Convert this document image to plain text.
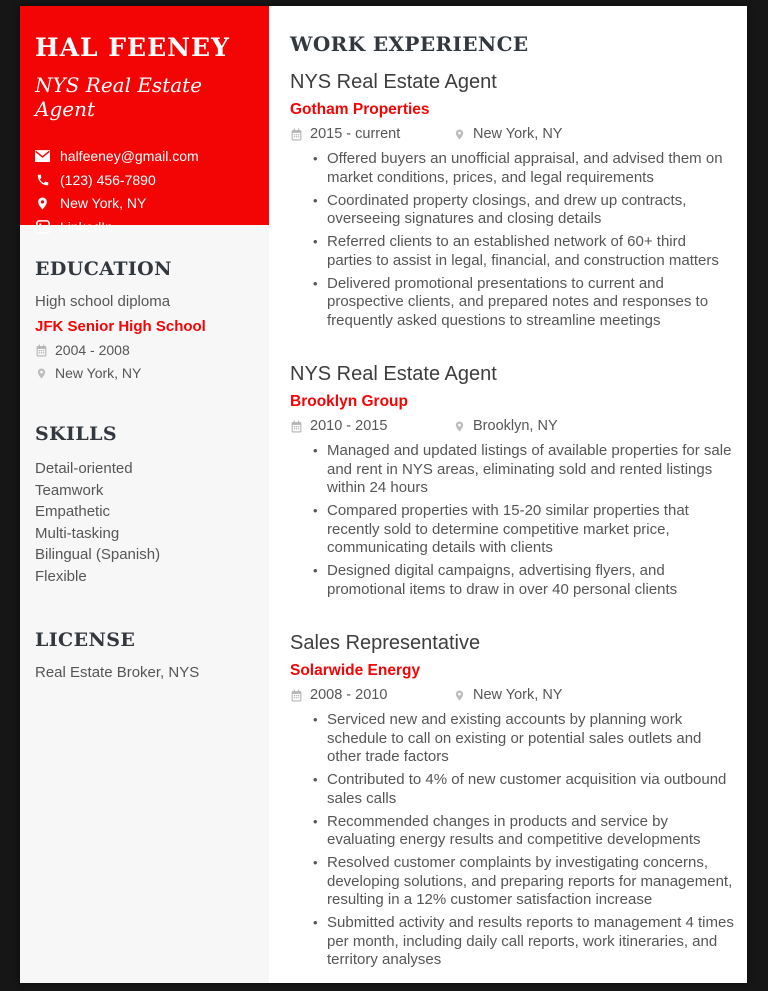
HAL FEENEY
NYS Real Estate Agent
halfeeney@gmail.com
(123) 456-7890
New York, NY
LinkedIn
EDUCATION
High school diploma
JFK Senior High School
2004 - 2008
New York, NY
SKILLS
Detail-oriented
Teamwork
Empathetic
Multi-tasking
Bilingual (Spanish)
Flexible
LICENSE
Real Estate Broker, NYS
WORK EXPERIENCE
NYS Real Estate Agent
Gotham Properties
2015 - current	New York, NY
• Offered buyers an unofficial appraisal, and advised them on market conditions, prices, and legal requirements
• Coordinated property closings, and drew up contracts, overseeing signatures and closing details
• Referred clients to an established network of 60+ third parties to assist in legal, financial, and construction matters
• Delivered promotional presentations to current and prospective clients, and prepared notes and responses to frequently asked questions to streamline meetings
NYS Real Estate Agent
Brooklyn Group
2010 - 2015	Brooklyn, NY
• Managed and updated listings of available properties for sale and rent in NYS areas, eliminating sold and rented listings within 24 hours
• Compared properties with 15-20 similar properties that recently sold to determine competitive market price, communicating details with clients
• Designed digital campaigns, advertising flyers, and promotional items to draw in over 40 personal clients
Sales Representative
Solarwide Energy
2008 - 2010	New York, NY
• Serviced new and existing accounts by planning work schedule to call on existing or potential sales outlets and other trade factors
• Contributed to 4% of new customer acquisition via outbound sales calls
• Recommended changes in products and service by evaluating energy results and competitive developments
• Resolved customer complaints by investigating concerns, developing solutions, and preparing reports for management, resulting in a 12% customer satisfaction increase
• Submitted activity and results reports to management 4 times per month, including daily call reports, work itineraries, and territory analyses
